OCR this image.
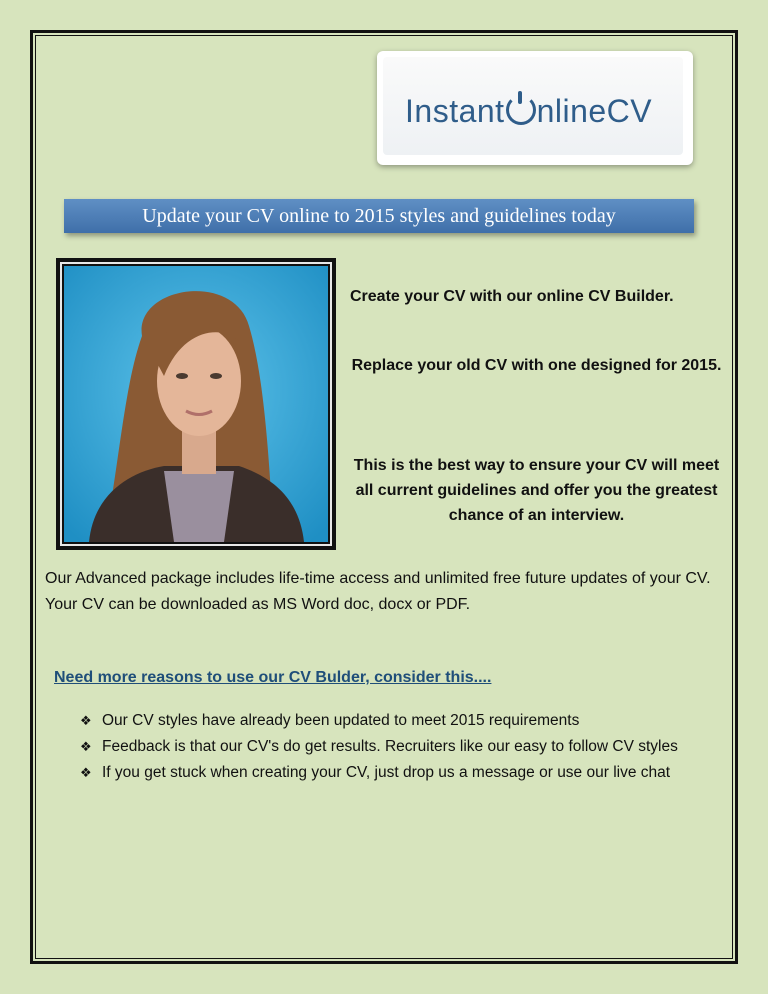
Instant nlineCV
Update your CV online to 2015 styles and guidelines today
Create your CV with our online CV Builder.
Replace your old CV with one designed for 2015.
This is the best way to ensure your CV will meet all current guidelines and offer you the greatest chance of an interview.
Our Advanced package includes life-time access and unlimited free future updates of your CV. Your CV can be downloaded as MS Word doc, docx or PDF.
Need more reasons to use our CV Bulder, consider this....
❖ Our CV styles have already been updated to meet 2015 requirements
❖ Feedback is that our CV's do get results. Recruiters like our easy to follow CV styles
❖ If you get stuck when creating your CV, just drop us a message or use our live chat
